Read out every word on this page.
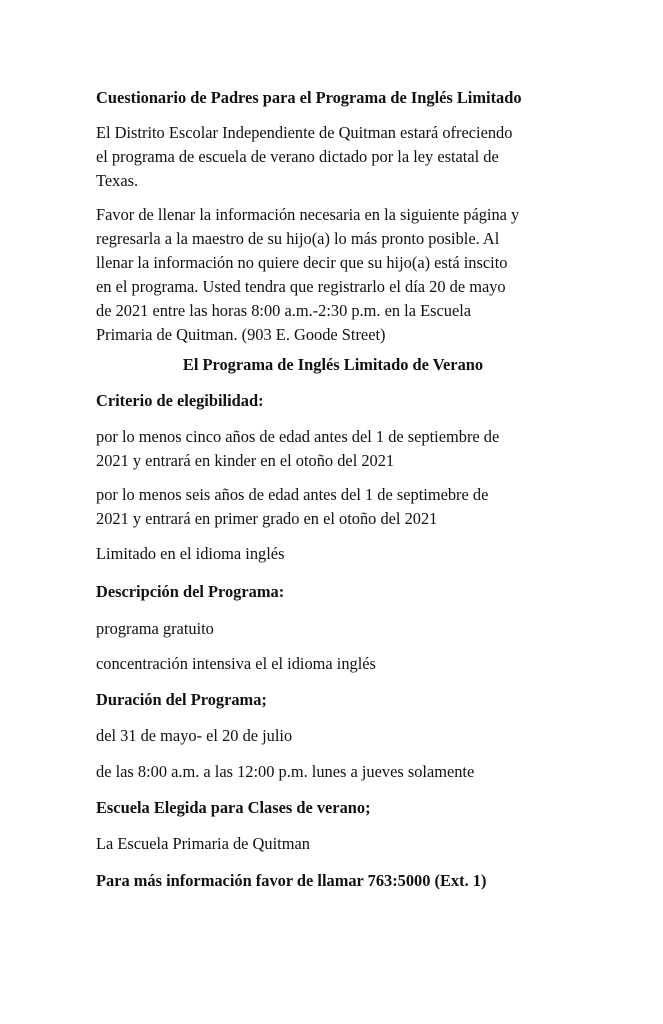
Cuestionario de Padres para el Programa de Inglés Limitado

El Distrito Escolar Independiente de Quitman estará ofreciendo
el programa de escuela de verano dictado por la ley estatal de
Texas.
Favor de llenar la información necesaria en la siguiente página y
regresarla a la maestro de su hijo(a) lo más pronto posible. Al
llenar la información no quiere decir que su hijo(a) está inscito
en el programa. Usted tendra que registrarlo el día 20 de mayo
de 2021 entre las horas 8:00 a.m.-2:30 p.m. en la Escuela
Primaria de Quitman. (903 E. Goode Street)

El Programa de Inglés Limitado de Verano

Criterio de elegibilidad:

por lo menos cinco años de edad antes del 1 de septiembre de
2021 y entrará en kinder en el otoño del 2021
por lo menos seis años de edad antes del 1 de septimebre de
2021 y entrará en primer grado en el otoño del 2021

Limitado en el idioma inglés

Descripción del Programa:

programa gratuito

concentración intensiva el el idioma inglés

Duración del Programa;

del 31 de mayo- el 20 de julio

de las 8:00 a.m. a las 12:00 p.m. lunes a jueves solamente

Escuela Elegida para Clases de verano;

La Escuela Primaria de Quitman

Para más información favor de llamar 763:5000 (Ext. 1)
